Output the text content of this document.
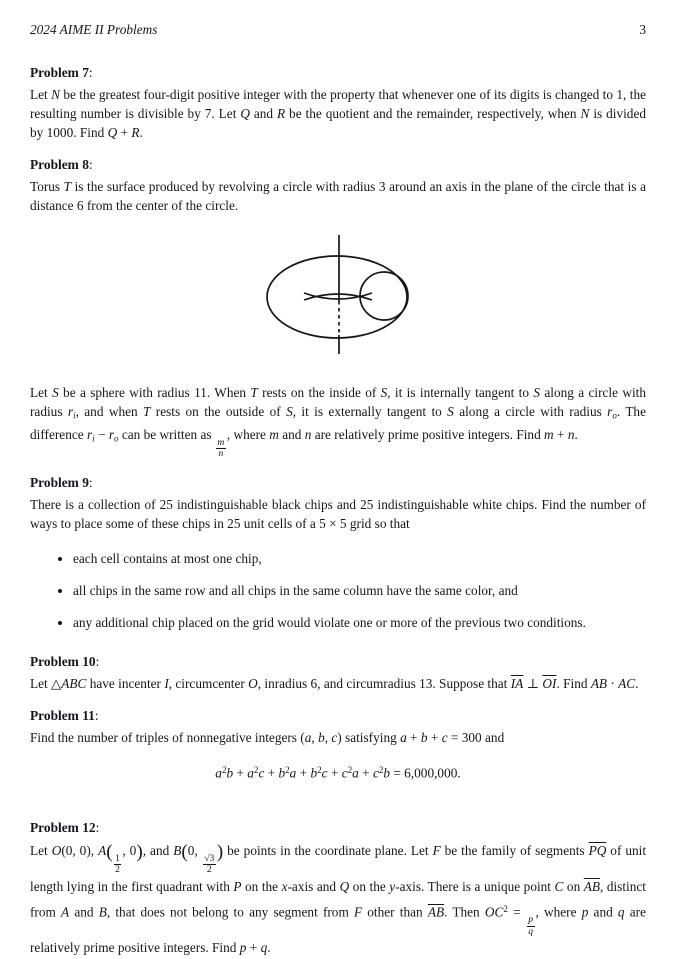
2024 AIME II Problems	3
Problem 7:

Let N be the greatest four-digit positive integer with the property that whenever one of its digits is changed to 1, the resulting number is divisible by 7. Let Q and R be the quotient and the remainder, respectively, when N is divided by 1000. Find Q + R.

Problem 8:

Torus T is the surface produced by revolving a circle with radius 3 around an axis in the plane of the circle that is a distance 6 from the center of the circle.

Let S be a sphere with radius 11. When T rests on the inside of S, it is internally tangent to S along a circle with radius $r_i$, and when T rests on the outside of S, it is externally tangent to S along a circle with radius $r_o$. The difference $r_i - r_o$ can be written as
$\frac{m}{n}$
, where m and n are relatively prime positive integers. Find m + n.

Problem 9:

There is a collection of 25 indistinguishable black chips and 25 indistinguishable white chips. Find the number of ways to place some of these chips in 25 unit cells of a 5 × 5 grid so that

• each cell contains at most one chip,
• all chips in the same row and all chips in the same column have the same color, and
• any additional chip placed on the grid would violate one or more of the previous two conditions.
Problem 10:

Let △ABC have incenter I, circumcenter O, inradius 6, and circumradius 13. Suppose that $\overline{IA}$ ⊥ $\overline{OI}$. Find AB · AC.

Problem 11:

Find the number of triples of nonnegative integers (a, b, c) satisfying a + b + c = 300 and

$a^2b + a^2c + b^2a + b^2c + c^2a + c^2b = 6,000,000$.
Problem 12:

Let O(0, 0), A(
$\frac{1}{2}$
, 0), and B(0,
$\frac{√3}{2}$
) be points in the coordinate plane. Let F be the family of segments $\overline{PQ}$ of unit length lying in the first quadrant with P on the x-axis and Q on the y-axis. There is a unique point C on $\overline{AB}$, distinct from A and B, that does not belong to any segment from F other than $\overline{AB}$. Then $OC^2$ =
$\frac{p}{q}$
, where p and q are relatively prime positive integers. Find p + q.
